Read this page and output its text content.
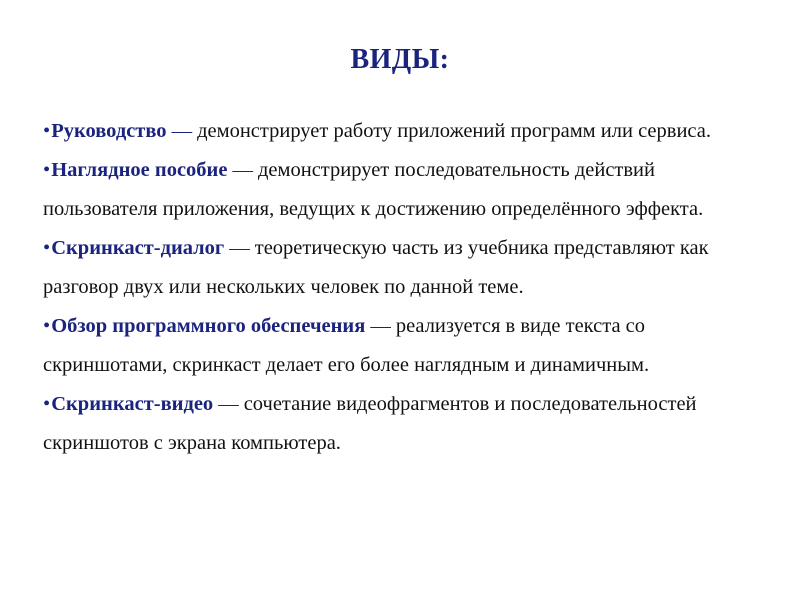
ВИДЫ:
•Руководство — демонстрирует работу приложений программ или сервиса.
•Наглядное пособие — демонстрирует последовательность действий пользователя приложения, ведущих к достижению определённого эффекта.
•Скринкаст-диалог — теоретическую часть из учебника представляют как разговор двух или нескольких человек по данной теме.
•Обзор программного обеспечения — реализуется в виде текста со скриншотами, скринкаст делает его более наглядным и динамичным.
•Скринкаст-видео — сочетание видеофрагментов и последовательностей скриншотов с экрана компьютера.
